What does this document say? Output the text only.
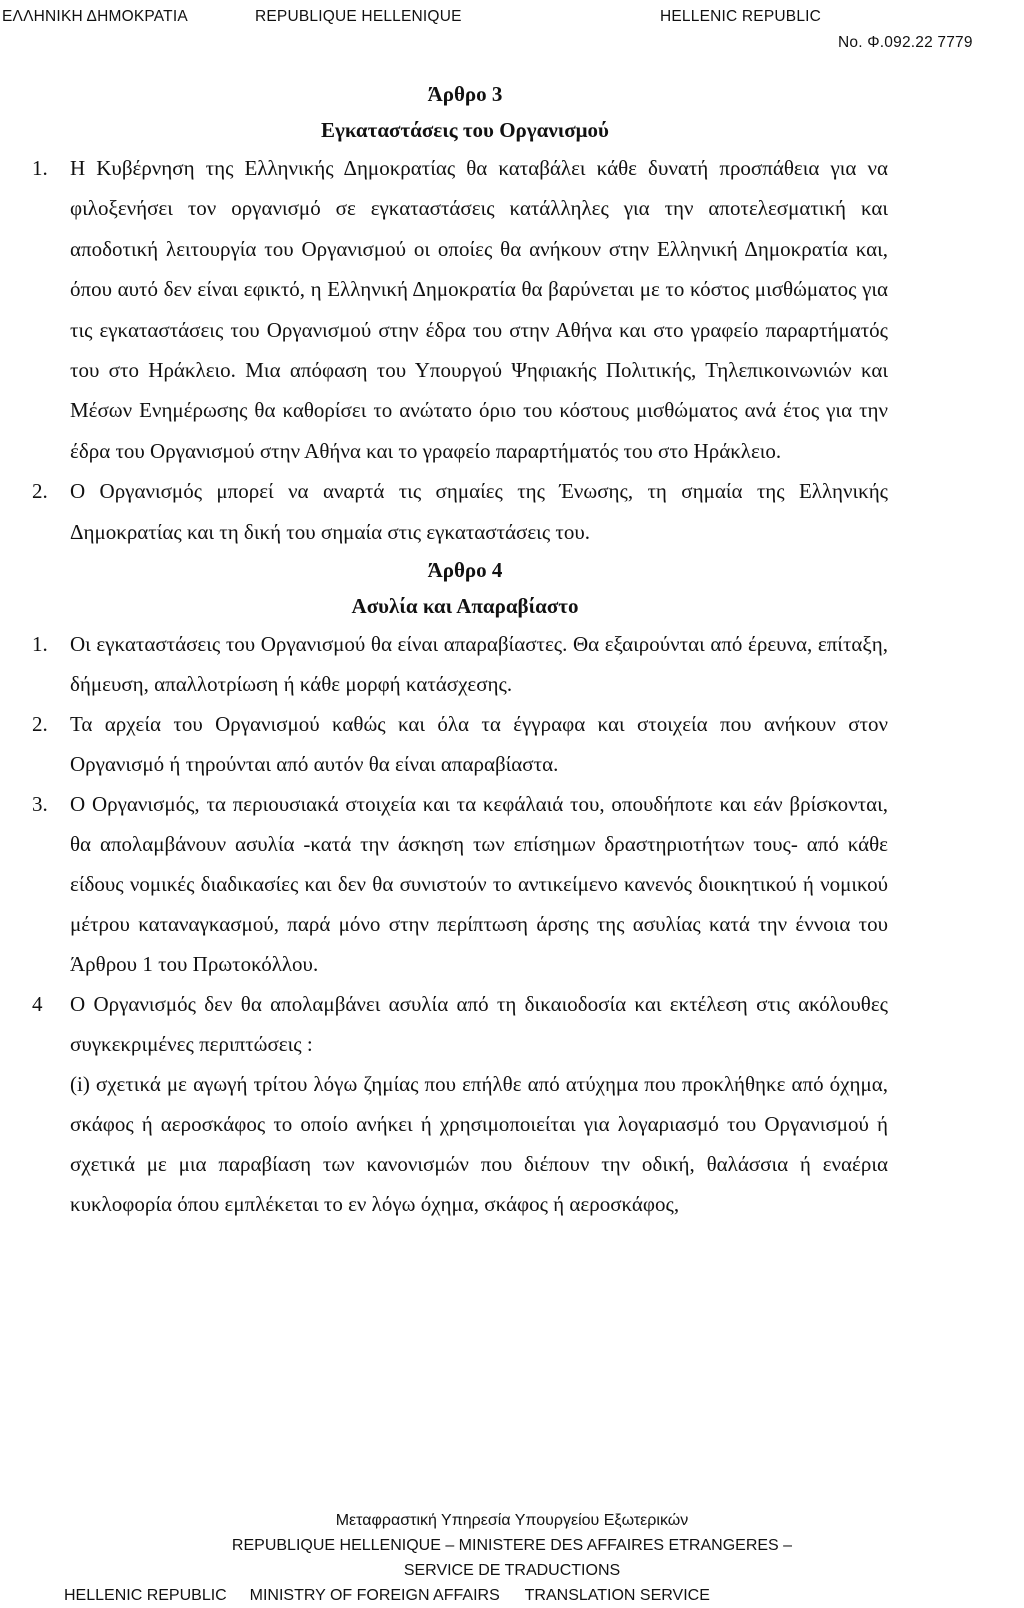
ΕΛΛΗΝΙΚΗ ΔΗΜΟΚΡΑΤΙΑ	REPUBLIQUE HELLENIQUE	HELLENIC REPUBLIC
No. Φ.092.22 7779
Άρθρο 3
Εγκαταστάσεις του Οργανισμού
1.	Η Κυβέρνηση της Ελληνικής Δημοκρατίας θα καταβάλει κάθε δυνατή προσπάθεια για να φιλοξενήσει τον οργανισμό σε εγκαταστάσεις κατάλληλες για την αποτελεσματική και αποδοτική λειτουργία του Οργανισμού οι οποίες θα ανήκουν στην Ελληνική Δημοκρατία και, όπου αυτό δεν είναι εφικτό, η Ελληνική Δημοκρατία θα βαρύνεται με το κόστος μισθώματος για τις εγκαταστάσεις του Οργανισμού στην έδρα του στην Αθήνα και στο γραφείο παραρτήματός του στο Ηράκλειο. Μια απόφαση του Υπουργού Ψηφιακής Πολιτικής, Τηλεπικοινωνιών και Μέσων Ενημέρωσης θα καθορίσει το ανώτατο όριο του κόστους μισθώματος ανά έτος για την έδρα του Οργανισμού στην Αθήνα και το γραφείο παραρτήματός του στο Ηράκλειο.

2.	Ο Οργανισμός μπορεί να αναρτά τις σημαίες της Ένωσης, τη σημαία της Ελληνικής Δημοκρατίας και τη δική του σημαία στις εγκαταστάσεις του.

Άρθρο 4
Ασυλία και Απαραβίαστο
1.	Οι εγκαταστάσεις του Οργανισμού θα είναι απαραβίαστες. Θα εξαιρούνται από έρευνα, επίταξη, δήμευση, απαλλοτρίωση ή κάθε μορφή κατάσχεσης.

2.	Τα αρχεία του Οργανισμού καθώς και όλα τα έγγραφα και στοιχεία που ανήκουν στον Οργανισμό ή τηρούνται από αυτόν θα είναι απαραβίαστα.

3.	Ο Οργανισμός, τα περιουσιακά στοιχεία και τα κεφάλαιά του, οπουδήποτε και εάν βρίσκονται, θα απολαμβάνουν ασυλία -κατά την άσκηση των επίσημων δραστηριοτήτων τους- από κάθε είδους νομικές διαδικασίες και δεν θα συνιστούν το αντικείμενο κανενός διοικητικού ή νομικού μέτρου καταναγκασμού, παρά μόνο στην περίπτωση άρσης της ασυλίας κατά την έννοια του Άρθρου 1 του Πρωτοκόλλου.

4	Ο Οργανισμός δεν θα απολαμβάνει ασυλία από τη δικαιοδοσία και εκτέλεση στις ακόλουθες συγκεκριμένες περιπτώσεις :

(i) σχετικά με αγωγή τρίτου λόγω ζημίας που επήλθε από ατύχημα που προκλήθηκε από όχημα, σκάφος ή αεροσκάφος το οποίο ανήκει ή χρησιμοποιείται για λογαριασμό του Οργανισμού ή σχετικά με μια παραβίαση των κανονισμών που διέπουν την οδική, θαλάσσια ή εναέρια κυκλοφορία όπου εμπλέκεται το εν λόγω όχημα, σκάφος ή αεροσκάφος,

Μεταφραστική Υπηρεσία Υπουργείου Εξωτερικών
REPUBLIQUE HELLENIQUE – MINISTERE DES AFFAIRES ETRANGERES –
SERVICE DE TRADUCTIONS
HELLENIC REPUBLIC MINISTRY OF FOREIGN AFFAIRS TRANSLATION SERVICE
